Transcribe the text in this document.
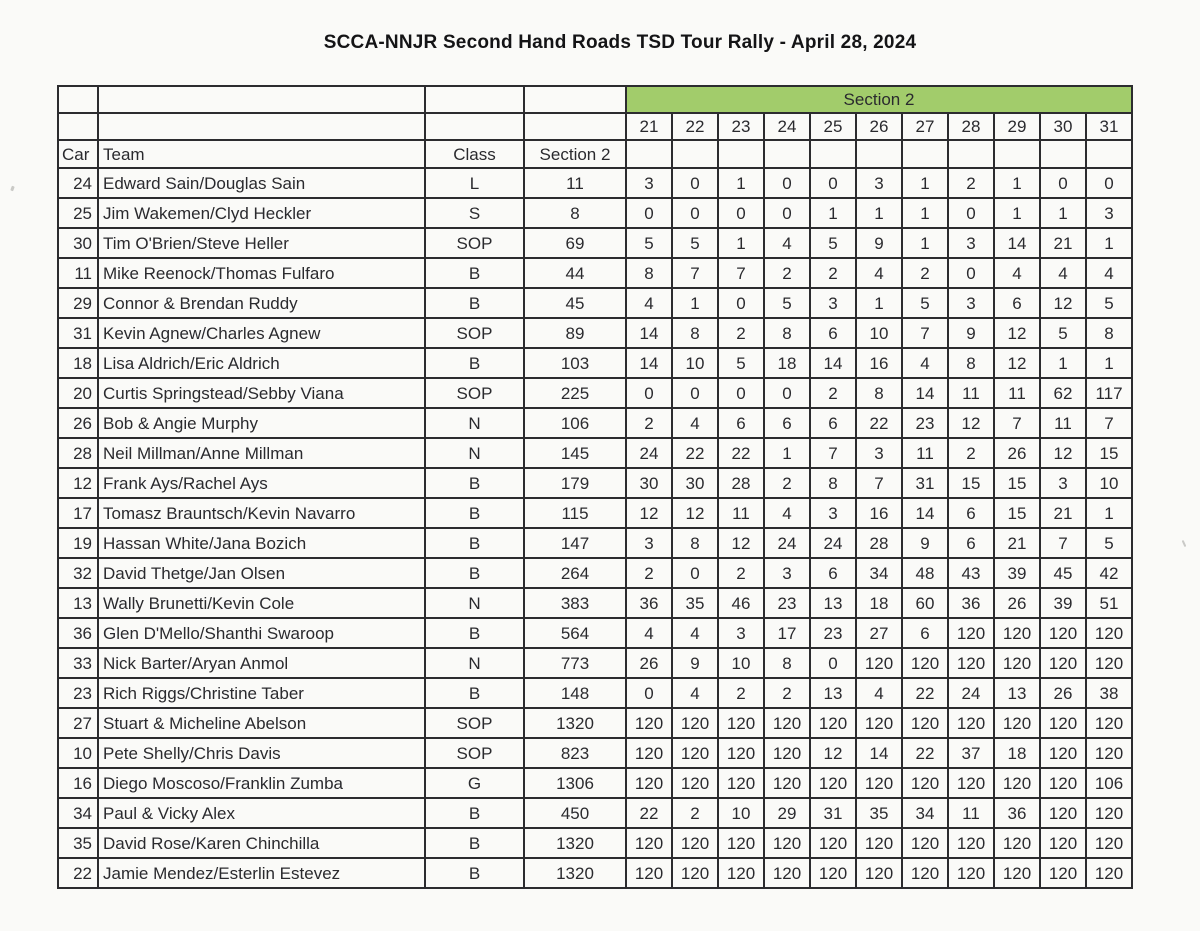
SCCA-NNJR Second Hand Roads TSD Tour Rally - April 28, 2024
				Section 2										
				21	22	23	24	25	26	27	28	29	30	31
Car	Team	Class	Section 2											
24	Edward Sain/Douglas Sain	L	11	3	0	1	0	0	3	1	2	1	0	0
25	Jim Wakemen/Clyd Heckler	S	8	0	0	0	0	1	1	1	0	1	1	3
30	Tim O'Brien/Steve Heller	SOP	69	5	5	1	4	5	9	1	3	14	21	1
11	Mike Reenock/Thomas Fulfaro	B	44	8	7	7	2	2	4	2	0	4	4	4
29	Connor & Brendan Ruddy	B	45	4	1	0	5	3	1	5	3	6	12	5
31	Kevin Agnew/Charles Agnew	SOP	89	14	8	2	8	6	10	7	9	12	5	8
18	Lisa Aldrich/Eric Aldrich	B	103	14	10	5	18	14	16	4	8	12	1	1
20	Curtis Springstead/Sebby Viana	SOP	225	0	0	0	0	2	8	14	11	11	62	117
26	Bob & Angie Murphy	N	106	2	4	6	6	6	22	23	12	7	11	7
28	Neil Millman/Anne Millman	N	145	24	22	22	1	7	3	11	2	26	12	15
12	Frank Ays/Rachel Ays	B	179	30	30	28	2	8	7	31	15	15	3	10
17	Tomasz Brauntsch/Kevin Navarro	B	115	12	12	11	4	3	16	14	6	15	21	1
19	Hassan White/Jana Bozich	B	147	3	8	12	24	24	28	9	6	21	7	5
32	David Thetge/Jan Olsen	B	264	2	0	2	3	6	34	48	43	39	45	42
13	Wally Brunetti/Kevin Cole	N	383	36	35	46	23	13	18	60	36	26	39	51
36	Glen D'Mello/Shanthi Swaroop	B	564	4	4	3	17	23	27	6	120	120	120	120
33	Nick Barter/Aryan Anmol	N	773	26	9	10	8	0	120	120	120	120	120	120
23	Rich Riggs/Christine Taber	B	148	0	4	2	2	13	4	22	24	13	26	38
27	Stuart & Micheline Abelson	SOP	1320	120	120	120	120	120	120	120	120	120	120	120
10	Pete Shelly/Chris Davis	SOP	823	120	120	120	120	12	14	22	37	18	120	120
16	Diego Moscoso/Franklin Zumba	G	1306	120	120	120	120	120	120	120	120	120	120	106
34	Paul & Vicky Alex	B	450	22	2	10	29	31	35	34	11	36	120	120
35	David Rose/Karen Chinchilla	B	1320	120	120	120	120	120	120	120	120	120	120	120
22	Jamie Mendez/Esterlin Estevez	B	1320	120	120	120	120	120	120	120	120	120	120	120
